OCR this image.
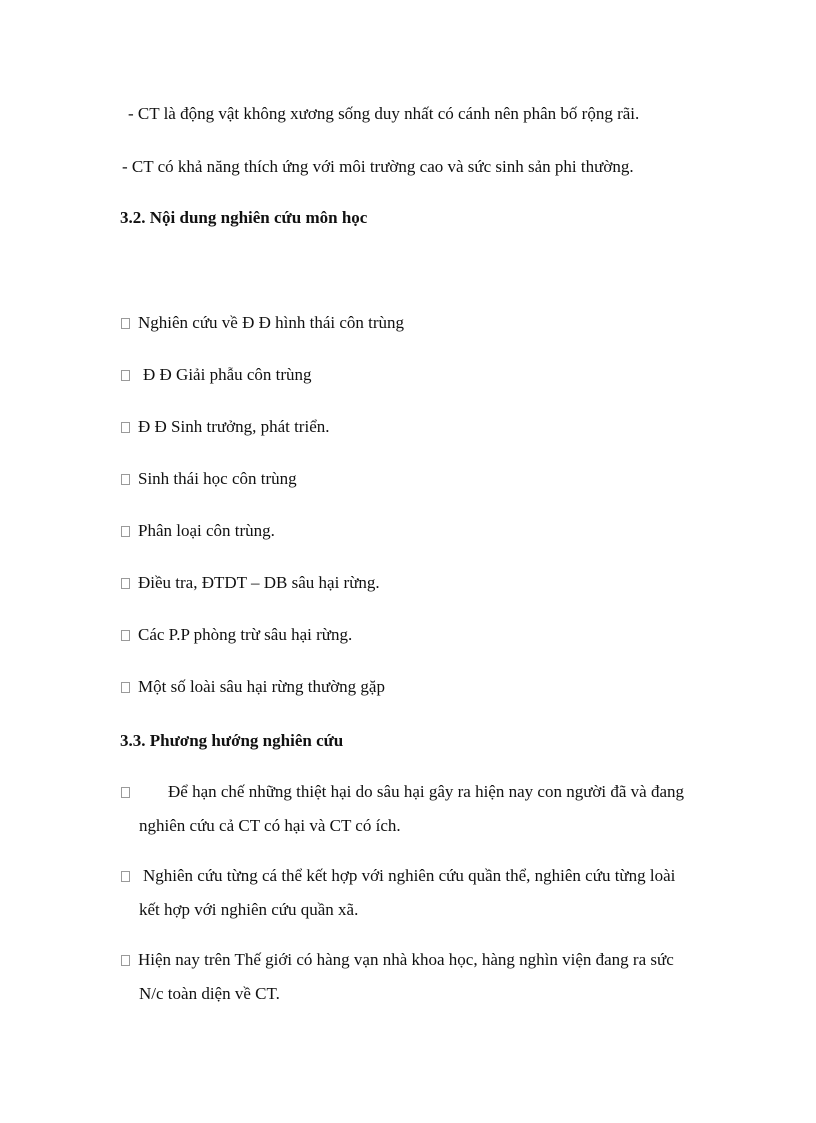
- CT là động vật không xương sống duy nhất có cánh nên phân bố rộng rãi.
- CT có khả năng thích ứng với môi trường cao và sức sinh sản phi thường.
3.2. Nội dung nghiên cứu môn học
Nghiên cứu về Đ Đ hình thái côn trùng
Đ Đ Giải phẫu côn trùng
Đ Đ Sinh trưởng, phát triển.
Sinh thái học côn trùng
Phân loại côn trùng.
Điều tra, ĐTDT – DB sâu hại rừng.
Các P.P phòng trừ sâu hại rừng.
Một số loài sâu hại rừng thường gặp
3.3. Phương hướng nghiên cứu
Để hạn chế những thiệt hại do sâu hại gây ra hiện nay con người đã và đang
nghiên cứu cả CT có hại và CT có ích.
Nghiên cứu từng cá thể kết hợp với nghiên cứu quần thể, nghiên cứu từng loài
kết hợp với nghiên cứu quần xã.
Hiện nay trên Thế giới có hàng vạn nhà khoa học, hàng nghìn viện đang ra sức
N/c toàn diện về CT.
